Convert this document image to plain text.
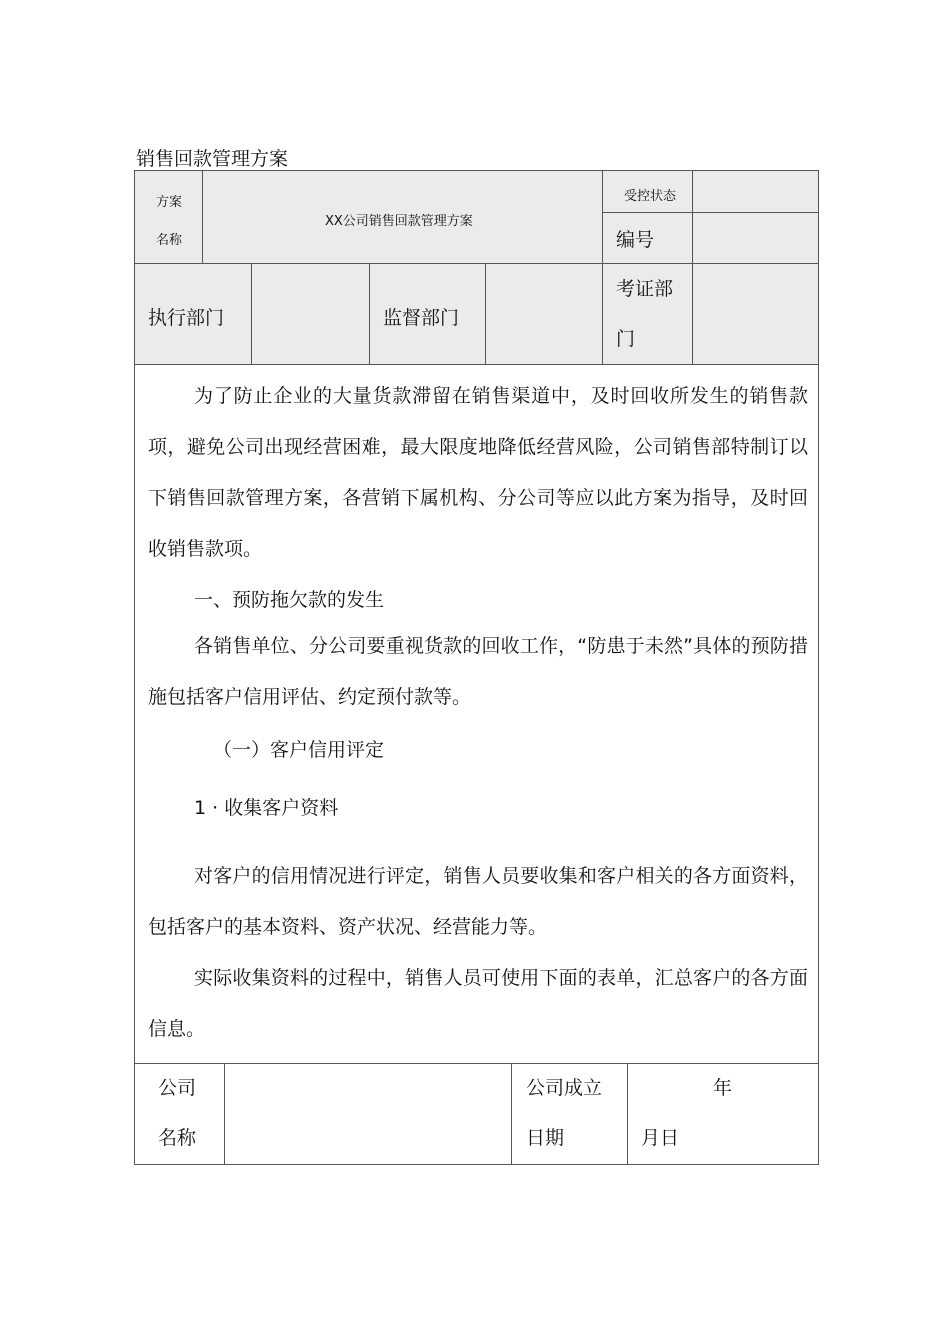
销售回款管理方案
方案
名称
XX公司销售回款管理方案
受控状态
编号
执行部门	监督部门
考证部
门
为了防止企业的大量货款滞留在销售渠道中，及时回收所发生的销售款项，避免公司出现经营困难，最大限度地降低经营风险，公司销售部特制订以下销售回款管理方案，各营销下属机构、分公司等应以此方案为指导，及时回收销售款项。
一、预防拖欠款的发生
各销售单位、分公司要重视货款的回收工作，“防患于未然”具体的预防措施包括客户信用评估、约定预付款等。
（一）客户信用评定
1 · 收集客户资料
对客户的信用情况进行评定，销售人员要收集和客户相关的各方面资料，包括客户的基本资料、资产状况、经营能力等。
实际收集资料的过程中，销售人员可使用下面的表单，汇总客户的各方面信息。
公司
名称
公司成立
日期
年
月日
